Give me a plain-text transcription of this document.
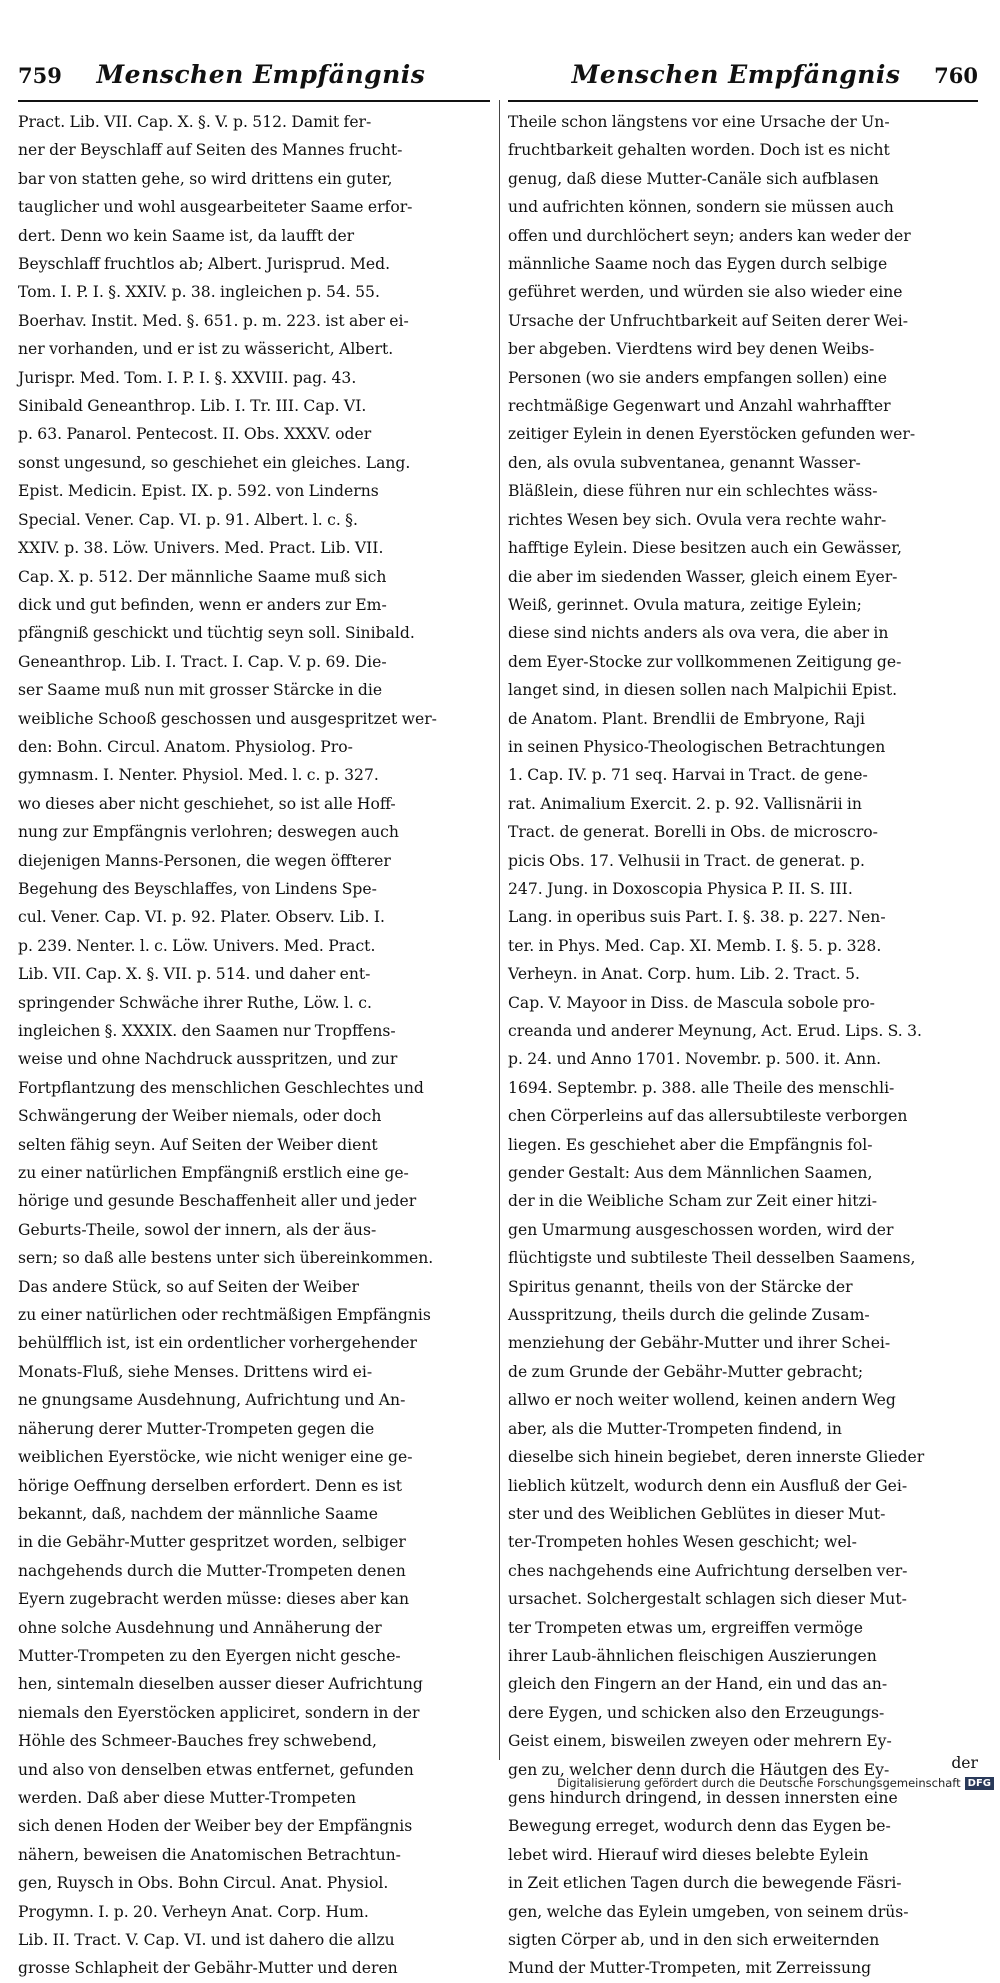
759 Menschen Empfängnis
Pract. Lib. VII. Cap. X. §. V. p. 512. Damit fer-
ner der Beyschlaff auf Seiten des Mannes frucht-
bar von statten gehe, so wird drittens ein guter,
tauglicher und wohl ausgearbeiteter Saame erfor-
dert. Denn wo kein Saame ist, da laufft der
Beyschlaff fruchtlos ab; Albert. Jurisprud. Med.
Tom. I. P. I. §. XXIV. p. 38. ingleichen p. 54. 55.
Boerhav. Instit. Med. §. 651. p. m. 223. ist aber ei-
ner vorhanden, und er ist zu wässericht, Albert.
Jurispr. Med. Tom. I. P. I. §. XXVIII. pag. 43.
Sinibald Geneanthrop. Lib. I. Tr. III. Cap. VI.
p. 63. Panarol. Pentecost. II. Obs. XXXV. oder
sonst ungesund, so geschiehet ein gleiches. Lang.
Epist. Medicin. Epist. IX. p. 592. von Linderns
Special. Vener. Cap. VI. p. 91. Albert. l. c. §.
XXIV. p. 38. Löw. Univers. Med. Pract. Lib. VII.
Cap. X. p. 512. Der männliche Saame muß sich
dick und gut befinden, wenn er anders zur Em-
pfängniß geschickt und tüchtig seyn soll. Sinibald.
Geneanthrop. Lib. I. Tract. I. Cap. V. p. 69. Die-
ser Saame muß nun mit grosser Stärcke in die
weibliche Schooß geschossen und ausgespritzet wer-
den: Bohn. Circul. Anatom. Physiolog. Pro-
gymnasm. I. Nenter. Physiol. Med. l. c. p. 327.
wo dieses aber nicht geschiehet, so ist alle Hoff-
nung zur Empfängnis verlohren; deswegen auch
diejenigen Manns-Personen, die wegen öffterer
Begehung des Beyschlaffes, von Lindens Spe-
cul. Vener. Cap. VI. p. 92. Plater. Observ. Lib. I.
p. 239. Nenter. l. c. Löw. Univers. Med. Pract.
Lib. VII. Cap. X. §. VII. p. 514. und daher ent-
springender Schwäche ihrer Ruthe, Löw. l. c.
ingleichen §. XXXIX. den Saamen nur Tropffens-
weise und ohne Nachdruck ausspritzen, und zur
Fortpflantzung des menschlichen Geschlechtes und
Schwängerung der Weiber niemals, oder doch
selten fähig seyn. Auf Seiten der Weiber dient
zu einer natürlichen Empfängniß erstlich eine ge-
hörige und gesunde Beschaffenheit aller und jeder
Geburts-Theile, sowol der innern, als der äus-
sern; so daß alle bestens unter sich übereinkommen.
Das andere Stück, so auf Seiten der Weiber
zu einer natürlichen oder rechtmäßigen Empfängnis
behülfflich ist, ist ein ordentlicher vorhergehender
Monats-Fluß, siehe Menses. Drittens wird ei-
ne gnungsame Ausdehnung, Aufrichtung und An-
näherung derer Mutter-Trompeten gegen die
weiblichen Eyerstöcke, wie nicht weniger eine ge-
hörige Oeffnung derselben erfordert. Denn es ist
bekannt, daß, nachdem der männliche Saame
in die Gebähr-Mutter gespritzet worden, selbiger
nachgehends durch die Mutter-Trompeten denen
Eyern zugebracht werden müsse: dieses aber kan
ohne solche Ausdehnung und Annäherung der
Mutter-Trompeten zu den Eyergen nicht gesche-
hen, sintemaln dieselben ausser dieser Aufrichtung
niemals den Eyerstöcken appliciret, sondern in der
Höhle des Schmeer-Bauches frey schwebend,
und also von denselben etwas entfernet, gefunden
werden. Daß aber diese Mutter-Trompeten
sich denen Hoden der Weiber bey der Empfängnis
nähern, beweisen die Anatomischen Betrachtun-
gen, Ruysch in Obs. Bohn Circul. Anat. Physiol.
Progymn. I. p. 20. Verheyn Anat. Corp. Hum.
Lib. II. Tract. V. Cap. VI. und ist dahero die allzu
grosse Schlapheit der Gebähr-Mutter und deren
Menschen Empfängnis 760
Theile schon längstens vor eine Ursache der Un-
fruchtbarkeit gehalten worden. Doch ist es nicht
genug, daß diese Mutter-Canäle sich aufblasen
und aufrichten können, sondern sie müssen auch
offen und durchlöchert seyn; anders kan weder der
männliche Saame noch das Eygen durch selbige
geführet werden, und würden sie also wieder eine
Ursache der Unfruchtbarkeit auf Seiten derer Wei-
ber abgeben. Vierdtens wird bey denen Weibs-
Personen (wo sie anders empfangen sollen) eine
rechtmäßige Gegenwart und Anzahl wahrhaffter
zeitiger Eylein in denen Eyerstöcken gefunden wer-
den, als ovula subventanea, genannt Wasser-
Bläßlein, diese führen nur ein schlechtes wäss-
richtes Wesen bey sich. Ovula vera rechte wahr-
hafftige Eylein. Diese besitzen auch ein Gewässer,
die aber im siedenden Wasser, gleich einem Eyer-
Weiß, gerinnet. Ovula matura, zeitige Eylein;
diese sind nichts anders als ova vera, die aber in
dem Eyer-Stocke zur vollkommenen Zeitigung ge-
langet sind, in diesen sollen nach Malpichii Epist.
de Anatom. Plant. Brendlii de Embryone, Raji
in seinen Physico-Theologischen Betrachtungen
1. Cap. IV. p. 71 seq. Harvai in Tract. de gene-
rat. Animalium Exercit. 2. p. 92. Vallisnärii in
Tract. de generat. Borelli in Obs. de microscro-
picis Obs. 17. Velhusii in Tract. de generat. p.
247. Jung. in Doxoscopia Physica P. II. S. III.
Lang. in operibus suis Part. I. §. 38. p. 227. Nen-
ter. in Phys. Med. Cap. XI. Memb. I. §. 5. p. 328.
Verheyn. in Anat. Corp. hum. Lib. 2. Tract. 5.
Cap. V. Mayoor in Diss. de Mascula sobole pro-
creanda und anderer Meynung, Act. Erud. Lips. S. 3.
p. 24. und Anno 1701. Novembr. p. 500. it. Ann.
1694. Septembr. p. 388. alle Theile des menschli-
chen Cörperleins auf das allersubtileste verborgen
liegen. Es geschiehet aber die Empfängnis fol-
gender Gestalt: Aus dem Männlichen Saamen,
der in die Weibliche Scham zur Zeit einer hitzi-
gen Umarmung ausgeschossen worden, wird der
flüchtigste und subtileste Theil desselben Saamens,
Spiritus genannt, theils von der Stärcke der
Ausspritzung, theils durch die gelinde Zusam-
menziehung der Gebähr-Mutter und ihrer Schei-
de zum Grunde der Gebähr-Mutter gebracht;
allwo er noch weiter wollend, keinen andern Weg
aber, als die Mutter-Trompeten findend, in
dieselbe sich hinein begiebet, deren innerste Glieder
lieblich kützelt, wodurch denn ein Ausfluß der Gei-
ster und des Weiblichen Geblütes in dieser Mut-
ter-Trompeten hohles Wesen geschicht; wel-
ches nachgehends eine Aufrichtung derselben ver-
ursachet. Solchergestalt schlagen sich dieser Mut-
ter Trompeten etwas um, ergreiffen vermöge
ihrer Laub-ähnlichen fleischigen Auszierungen
gleich den Fingern an der Hand, ein und das an-
dere Eygen, und schicken also den Erzeugungs-
Geist einem, bisweilen zweyen oder mehrern Ey-
gen zu, welcher denn durch die Häutgen des Ey-
gens hindurch dringend, in dessen innersten eine
Bewegung erreget, wodurch denn das Eygen be-
lebet wird. Hierauf wird dieses belebte Eylein
in Zeit etlichen Tagen durch die bewegende Fäsri-
gen, welche das Eylein umgeben, von seinem drüs-
sigten Cörper ab, und in den sich erweiternden
Mund der Mutter-Trompeten, mit Zerreissung
der
Digitalisierung gefördert durch die Deutsche Forschungsgemeinschaft DFG
